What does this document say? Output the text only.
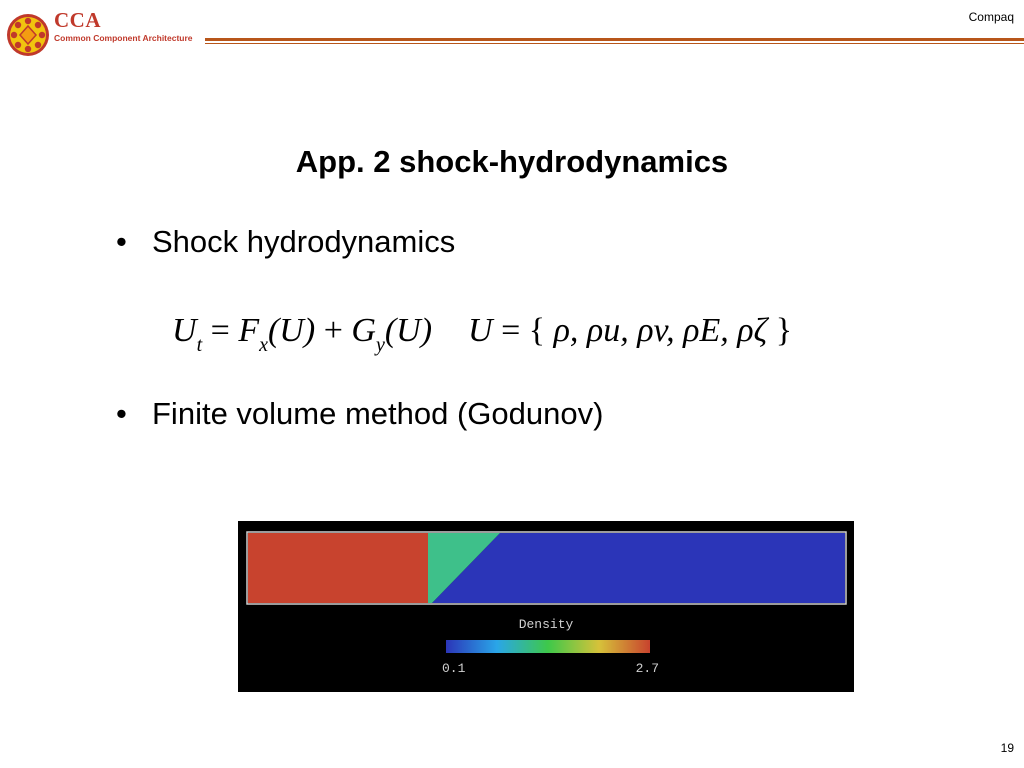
CCA
Common Component Architecture
Compaq
App. 2 shock-hydrodynamics
• Shock hydrodynamics
$U_t = F_x(U) + G_y(U) U$ = { ρ, ρu, ρv, ρE, ρζ }
• Finite volume method (Godunov)
Density
0.1	2.7
19
